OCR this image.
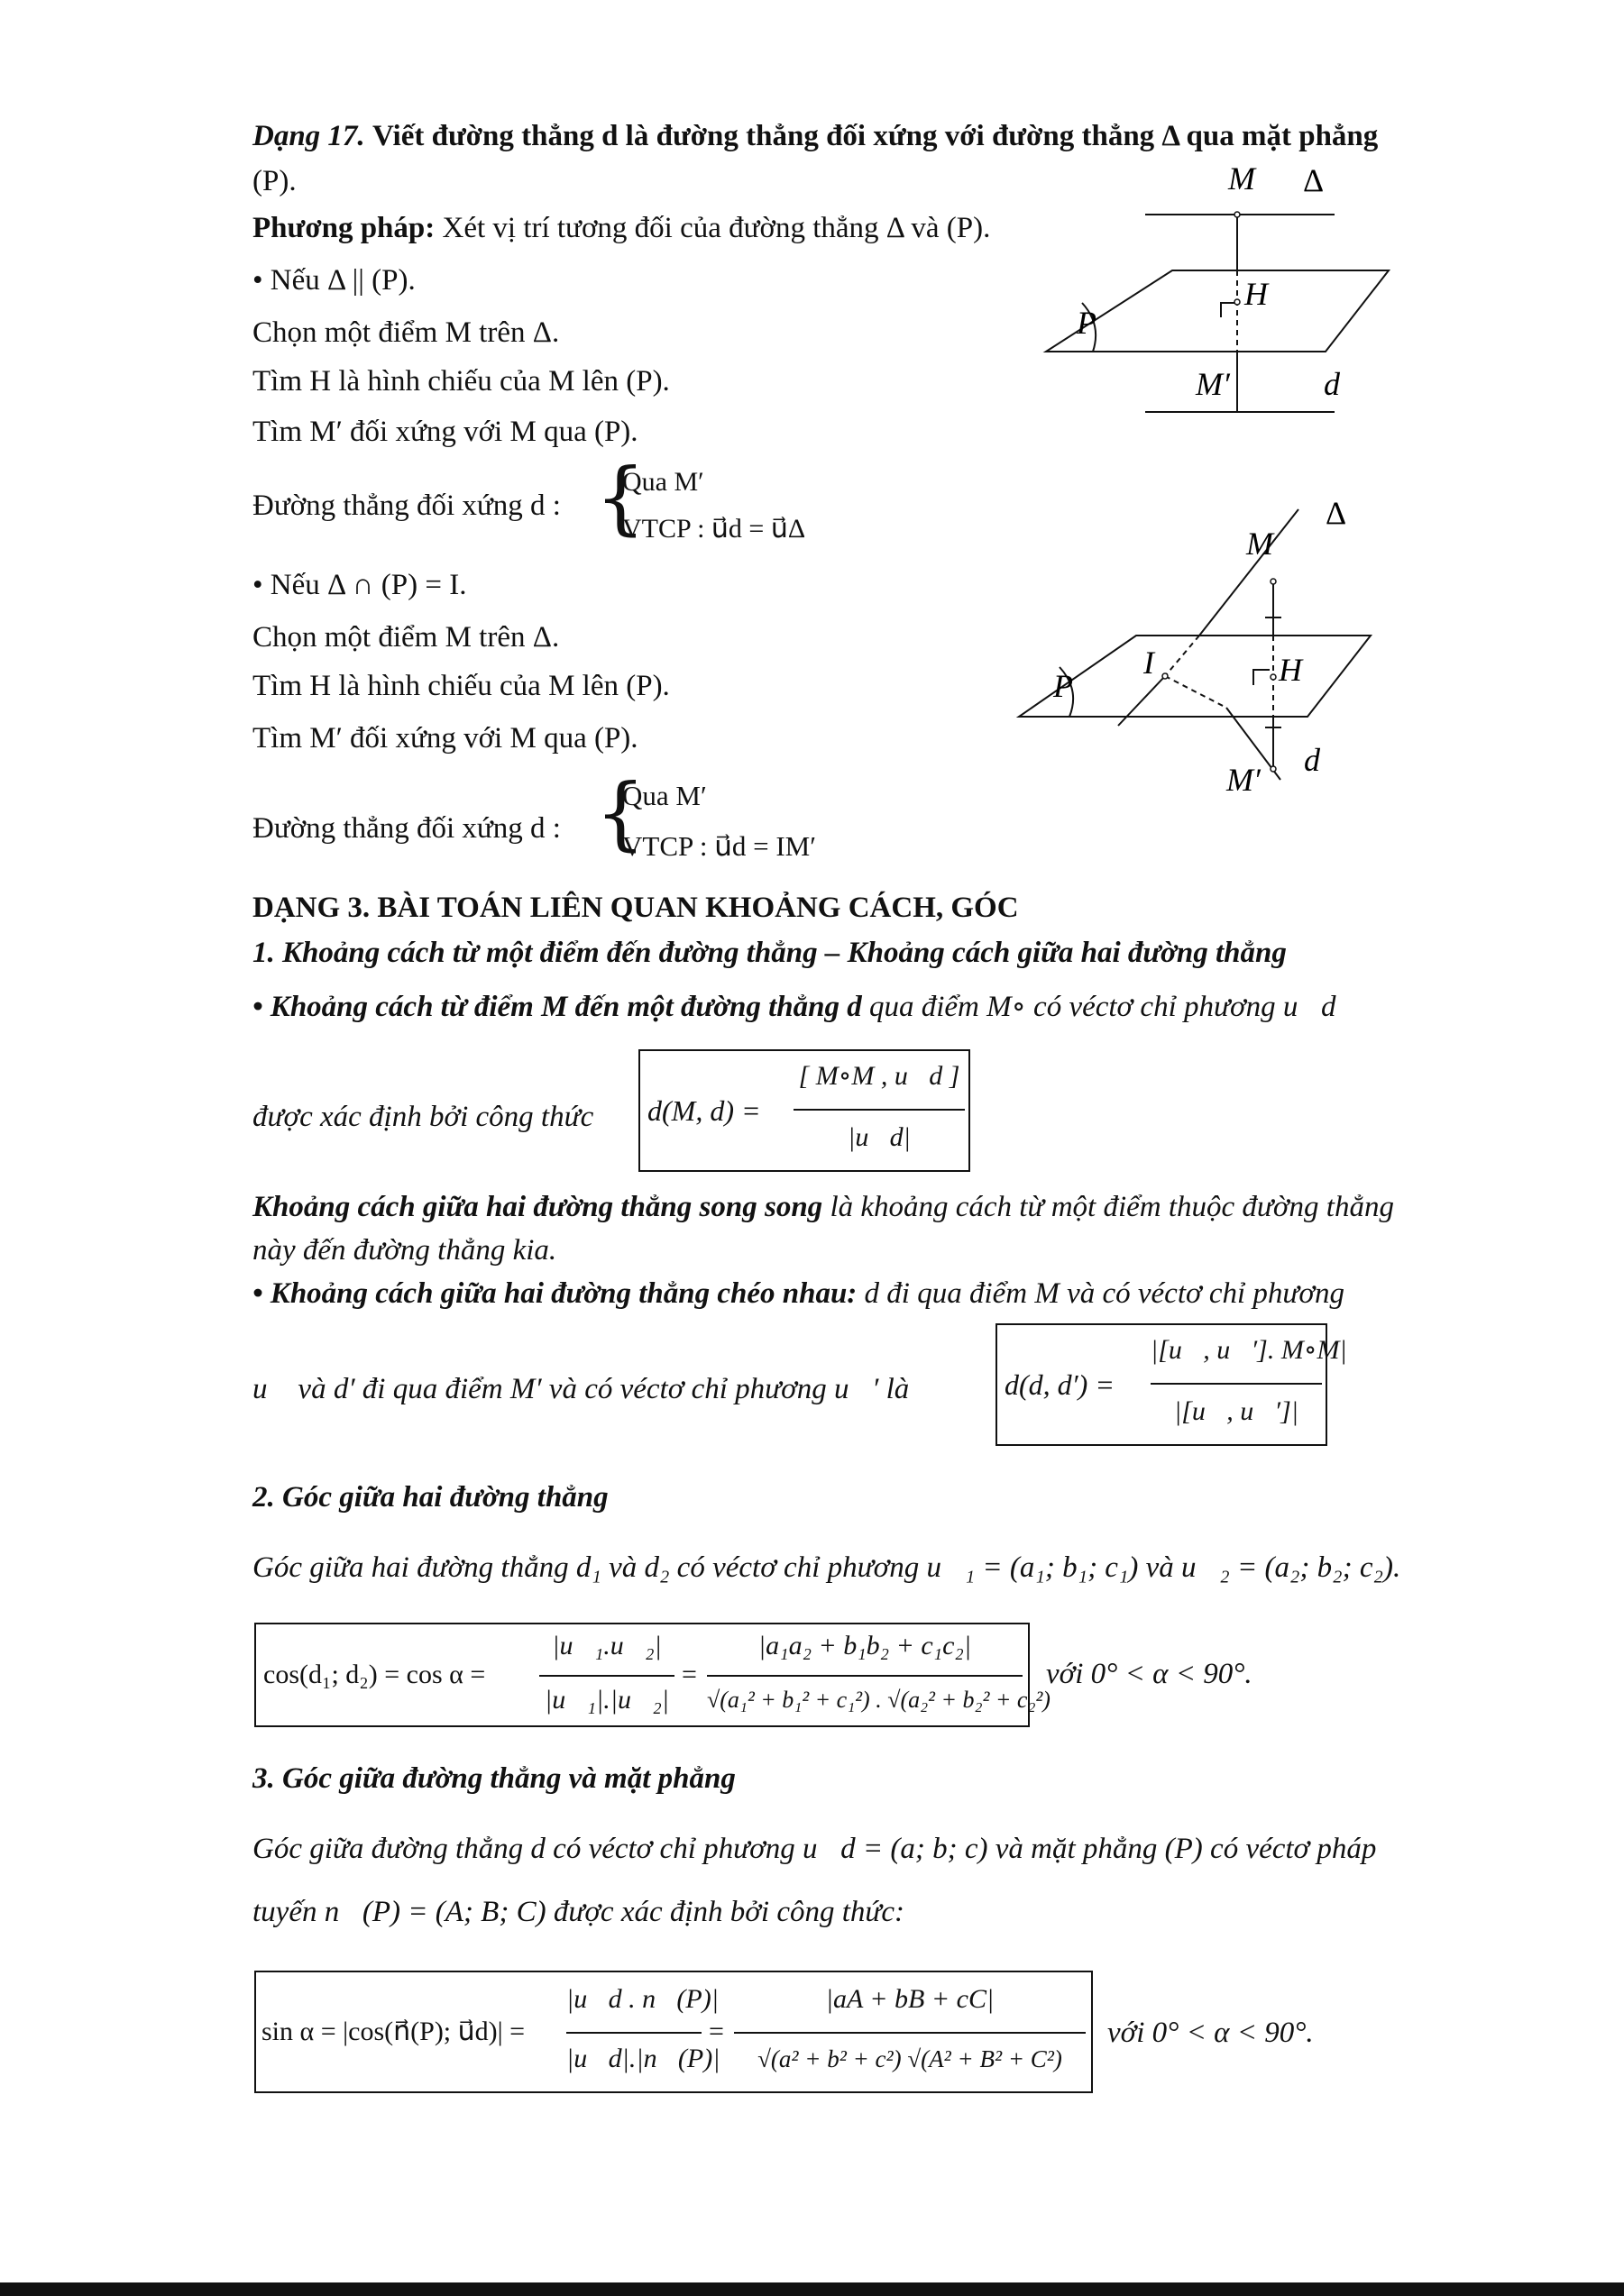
Dạng 17. Viết đường thẳng d là đường thẳng đối xứng với đường thẳng Δ qua mặt phẳng
(P).
Phương pháp: Xét vị trí tương đối của đường thẳng Δ và (P).
• Nếu Δ || (P).
Chọn một điểm M trên Δ.
Tìm H là hình chiếu của M lên (P).
Tìm M′ đối xứng với M qua (P).
Đường thẳng đối xứng d : {
Qua M′
VTCP : u⃗d = u⃗Δ
• Nếu Δ ∩ (P) = I.
Chọn một điểm M trên Δ.
Tìm H là hình chiếu của M lên (P).
Tìm M′ đối xứng với M qua (P).
Đường thẳng đối xứng d : {
Qua M′
VTCP : u⃗d = IM′
M Δ
H
P
M′	d
Δ
M
I	H
P
M′
d
DẠNG 3. BÀI TOÁN LIÊN QUAN KHOẢNG CÁCH, GÓC
1. Khoảng cách từ một điểm đến đường thẳng – Khoảng cách giữa hai đường thẳng
• Khoảng cách từ điểm M đến một đường thẳng d qua điểm M∘ có véctơ chỉ phương u⃗d
được xác định bởi công thức d(M, d) =
[ M∘M , u⃗d ]
|u⃗d|
Khoảng cách giữa hai đường thẳng song song là khoảng cách từ một điểm thuộc đường thẳng
này đến đường thẳng kia.
• Khoảng cách giữa hai đường thẳng chéo nhau: d đi qua điểm M và có véctơ chỉ phương
u⃗ và d′ đi qua điểm M′ và có véctơ chỉ phương u⃗′ là	d(d, d′) =
|[u⃗, u⃗′]. M∘M|
|[u⃗, u⃗′]|
2. Góc giữa hai đường thẳng
Góc giữa hai đường thẳng d₁ và d₂ có véctơ chỉ phương u⃗₁ = (a₁; b₁; c₁) và u⃗₂ = (a₂; b₂; c₂).
cos(d₁; d₂) = cos α =
|u⃗₁.u⃗₂|
|u⃗₁|.|u⃗₂|
=
|a₁a₂ + b₁b₂ + c₁c₂|
√(a₁² + b₁² + c₁²) . √(a₂² + b₂² + c₂²)
với 0° < α < 90°.
3. Góc giữa đường thẳng và mặt phẳng
Góc giữa đường thẳng d có véctơ chỉ phương u⃗d = (a; b; c) và mặt phẳng (P) có véctơ pháp
tuyến n⃗(P) = (A; B; C) được xác định bởi công thức:
sin α = |cos(n⃗(P); u⃗d)| =
|u⃗d . n⃗(P)|
|u⃗d|.|n⃗(P)|
=
|aA + bB + cC|
√(a² + b² + c²) √(A² + B² + C²)
với 0° < α < 90°.
